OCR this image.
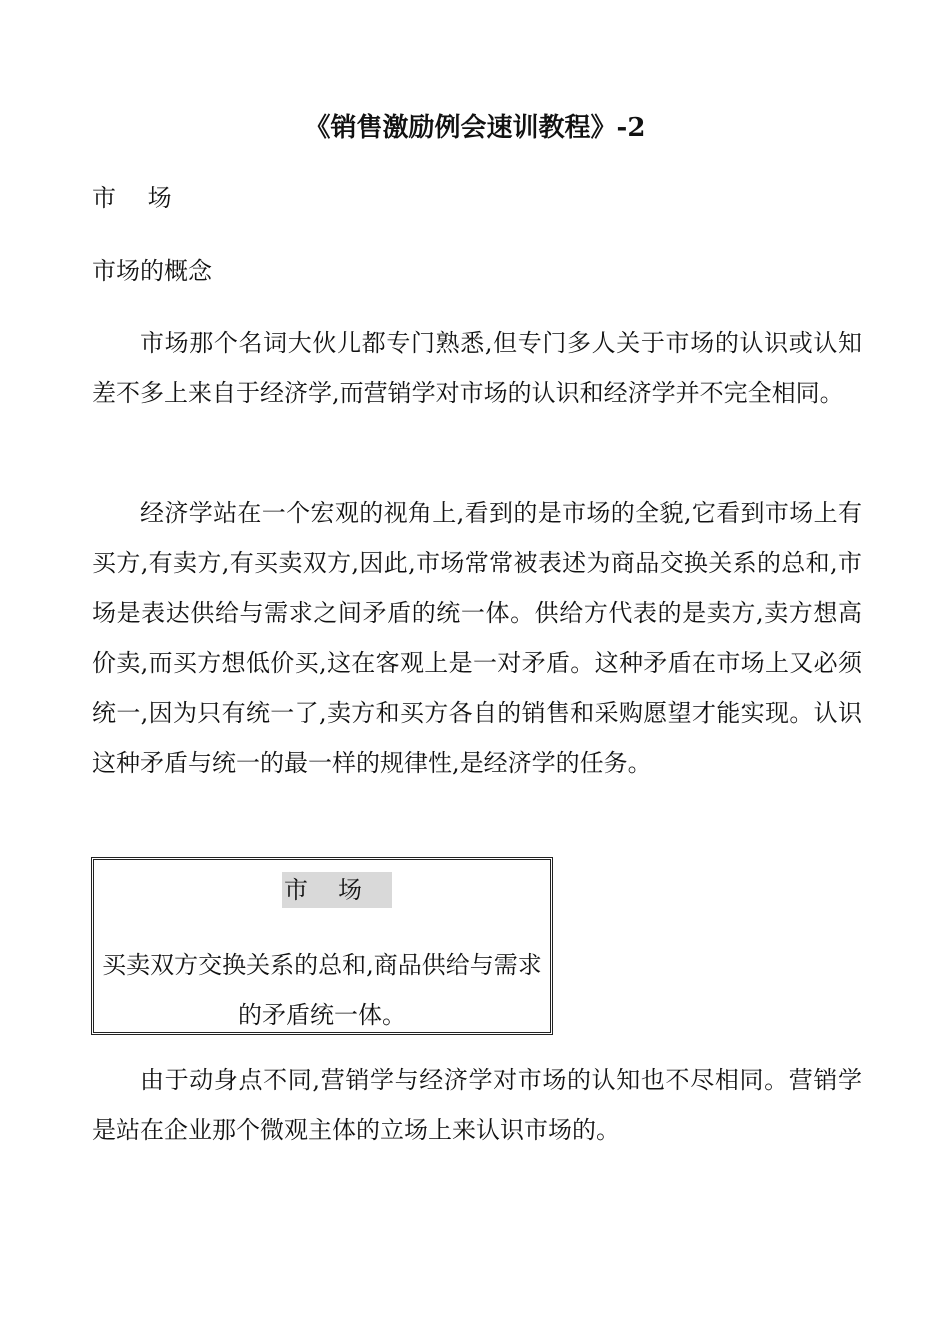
《销售激励例会速训教程》-2

市 场

市场的概念

市场那个名词大伙儿都专门熟悉,但专门多人关于市场的认识或认知差不多上来自于经济学,而营销学对市场的认识和经济学并不完全相同。

经济学站在一个宏观的视角上,看到的是市场的全貌,它看到市场上有买方,有卖方,有买卖双方,因此,市场常常被表述为商品交换关系的总和,市场是表达供给与需求之间矛盾的统一体。供给方代表的是卖方,卖方想高价卖,而买方想低价买,这在客观上是一对矛盾。这种矛盾在市场上又必须统一,因为只有统一了,卖方和买方各自的销售和采购愿望才能实现。认识这种矛盾与统一的最一样的规律性,是经济学的任务。

市场
买卖双方交换关系的总和,商品供给与需求的矛盾统一体。

由于动身点不同,营销学与经济学对市场的认知也不尽相同。营销学是站在企业那个微观主体的立场上来认识市场的。
